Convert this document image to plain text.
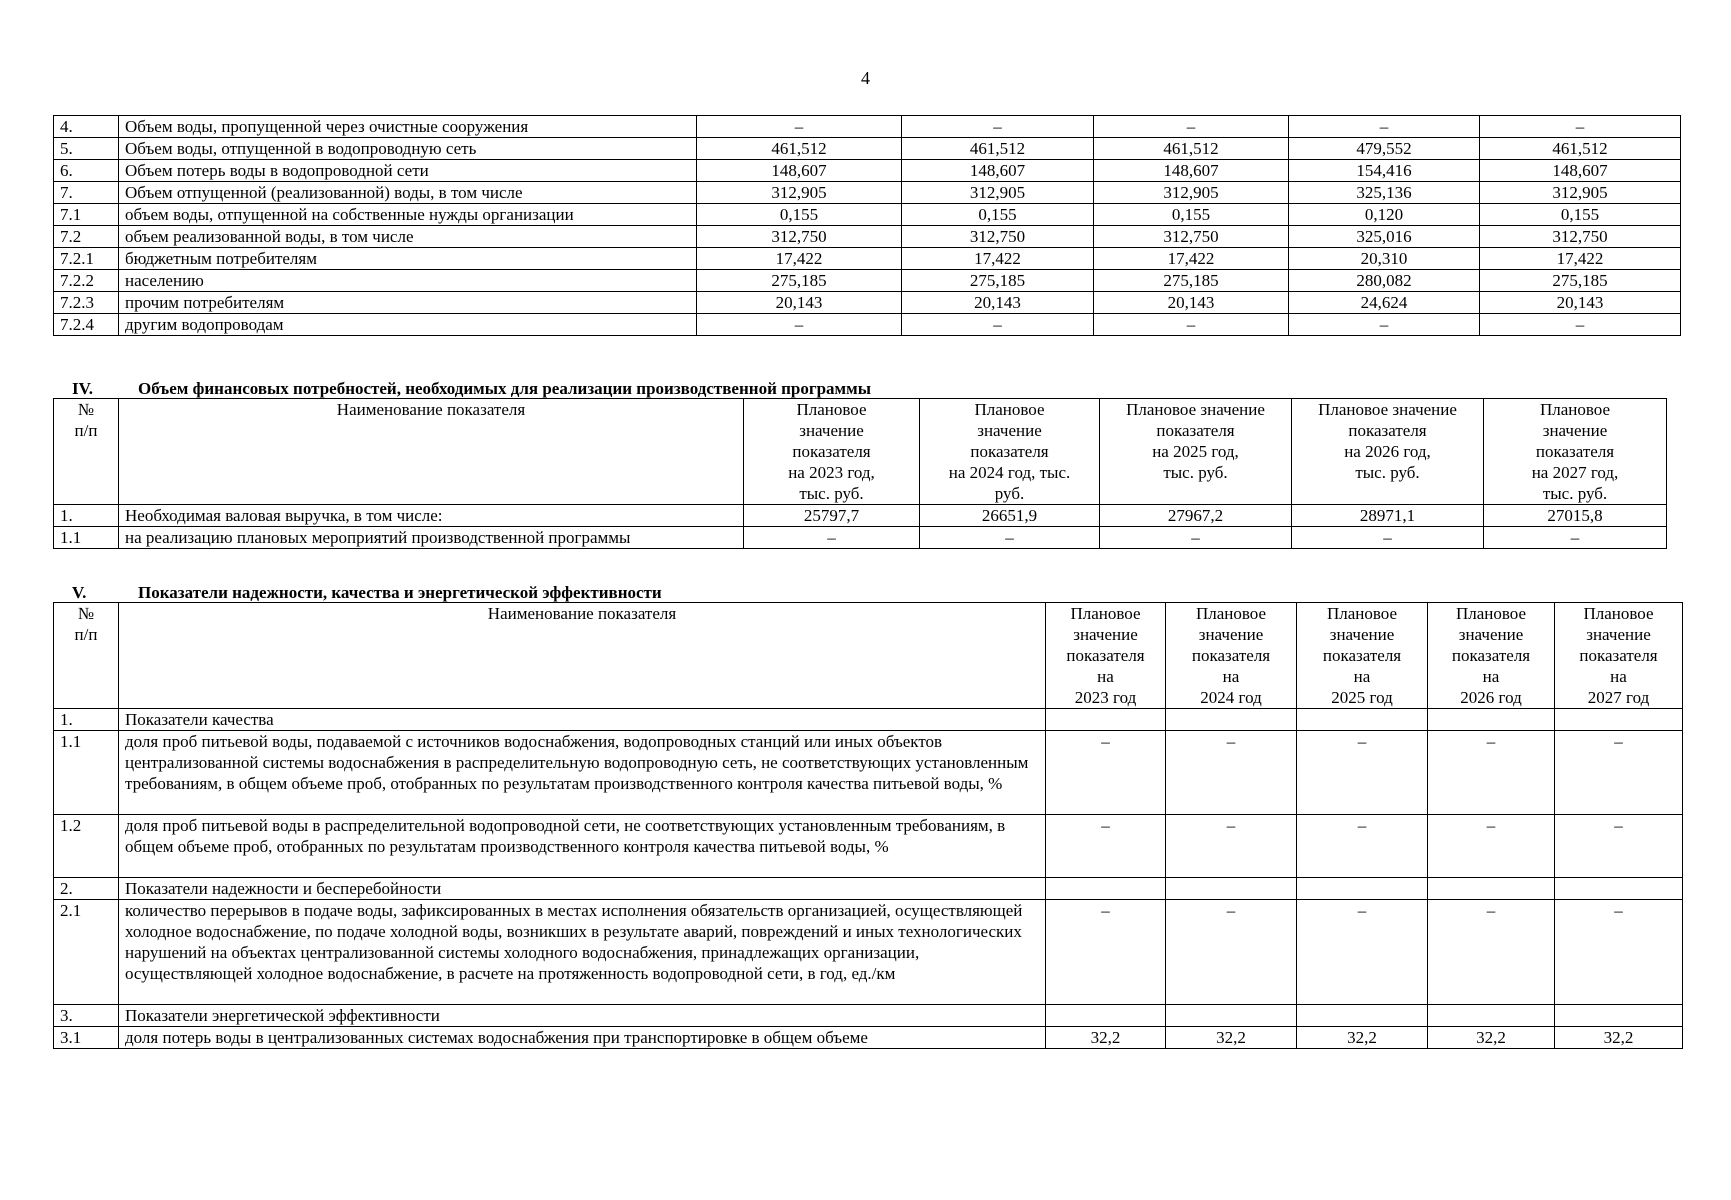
4
4.	Объем воды, пропущенной через очистные сооружения	–	–	–	–	–
5.	Объем воды, отпущенной в водопроводную сеть	461,512	461,512	461,512	479,552	461,512
6.	Объем потерь воды в водопроводной сети	148,607	148,607	148,607	154,416	148,607
7.	Объем отпущенной (реализованной) воды, в том числе	312,905	312,905	312,905	325,136	312,905
7.1	объем воды, отпущенной на собственные нужды организации	0,155	0,155	0,155	0,120	0,155
7.2	объем реализованной воды, в том числе	312,750	312,750	312,750	325,016	312,750
7.2.1	бюджетным потребителям	17,422	17,422	17,422	20,310	17,422
7.2.2	населению	275,185	275,185	275,185	280,082	275,185
7.2.3	прочим потребителям	20,143	20,143	20,143	24,624	20,143
7.2.4	другим водопроводам	–	–	–	–	–
IV.	Объем финансовых потребностей, необходимых для реализации производственной программы
№
п/п	Наименование показателя	Плановое
значение
показателя
на 2023 год,
тыс. руб.	Плановое
значение
показателя
на 2024 год, тыс.
руб.	Плановое значение
показателя
на 2025 год,
тыс. руб.	Плановое значение
показателя
на 2026 год,
тыс. руб.	Плановое
значение
показателя
на 2027 год,
тыс. руб.
1.	Необходимая валовая выручка, в том числе:	25797,7	26651,9	27967,2	28971,1	27015,8
1.1	на реализацию плановых мероприятий производственной программы	–	–	–	–	–
V.	Показатели надежности, качества и энергетической эффективности
№
п/п	Наименование показателя	Плановое
значение
показателя
на
2023 год	Плановое
значение
показателя
на
2024 год	Плановое
значение
показателя
на
2025 год	Плановое
значение
показателя
на
2026 год	Плановое
значение
показателя
на
2027 год
1.	Показатели качества					
1.1	доля проб питьевой воды, подаваемой с источников водоснабжения, водопроводных станций или иных объектов централизованной системы водоснабжения в распределительную водопроводную сеть, не соответствующих установленным требованиям, в общем объеме проб, отобранных по результатам производственного контроля качества питьевой воды, %	–	–	–	–	–
1.2	доля проб питьевой воды в распределительной водопроводной сети, не соответствующих установленным требованиям, в общем объеме проб, отобранных по результатам производственного контроля качества питьевой воды, %	–	–	–	–	–
2.	Показатели надежности и бесперебойности					
2.1	количество перерывов в подаче воды, зафиксированных в местах исполнения обязательств организацией, осуществляющей холодное водоснабжение, по подаче холодной воды, возникших в результате аварий, повреждений и иных технологических нарушений на объектах централизованной системы холодного водоснабжения, принадлежащих организации, осуществляющей холодное водоснабжение, в расчете на протяженность водопроводной сети, в год, ед./км	–	–	–	–	–
3.	Показатели энергетической эффективности					
3.1	доля потерь воды в централизованных системах водоснабжения при транспортировке в общем объеме	32,2	32,2	32,2	32,2	32,2
